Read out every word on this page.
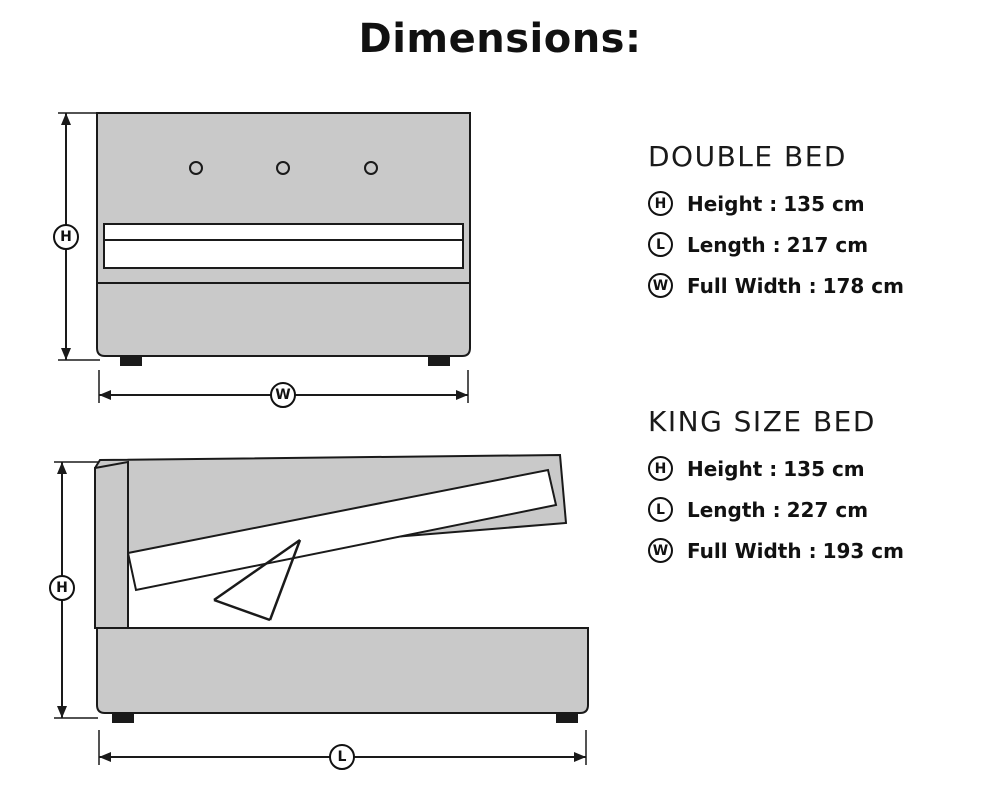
Dimensions:
H
W
H
L
DOUBLE BED
H	Height : 135 cm
L	Length : 217 cm
W Full Width : 178 cm
KING SIZE BED
H	Height : 135 cm
L	Length : 227 cm
W Full Width : 193 cm
